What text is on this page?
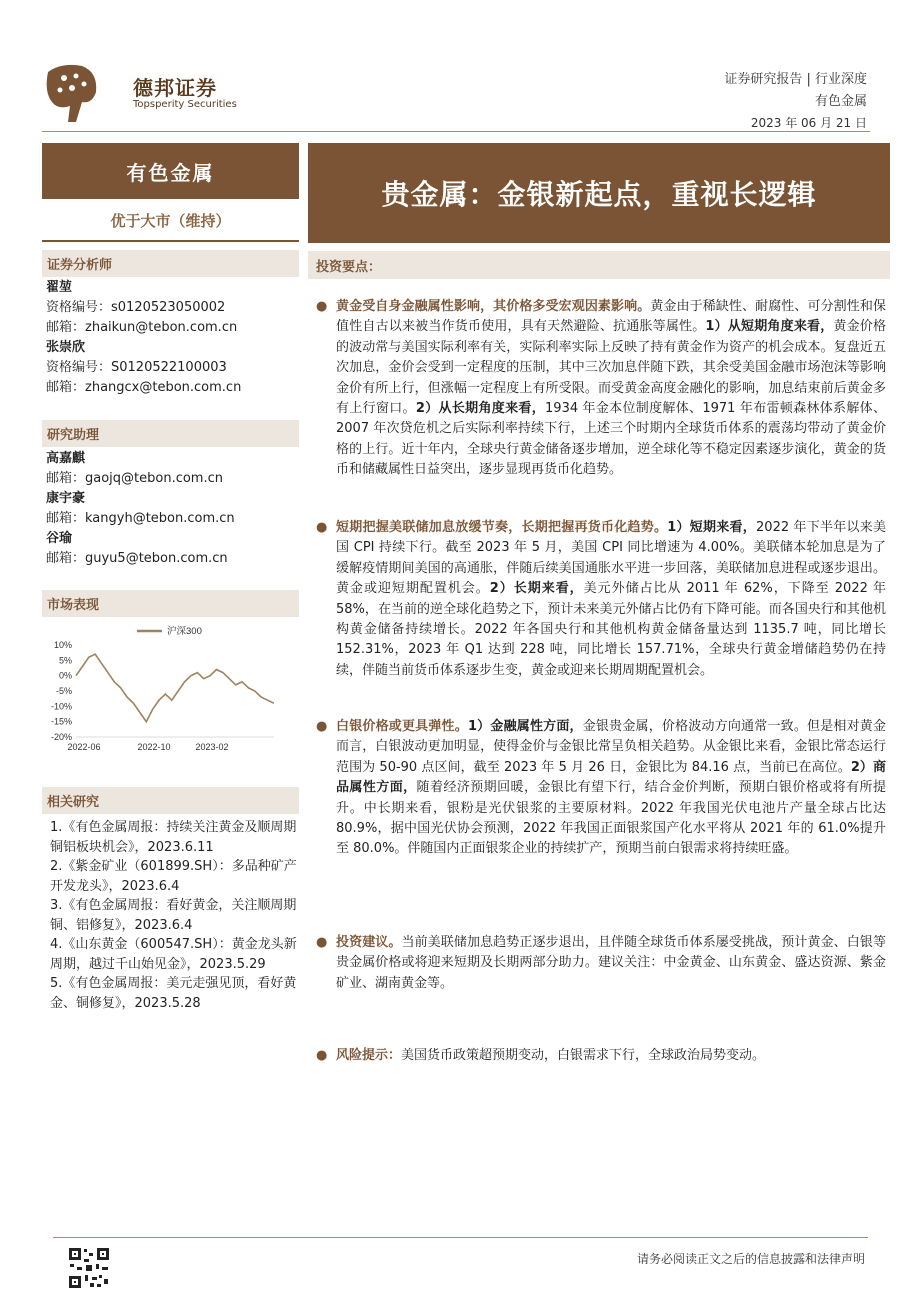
德邦证券
Topsperity Securities
证券研究报告 | 行业深度
有色金属
2023 年 06 月 21 日
有色金属
优于大市（维持）
贵金属：金银新起点，重视长逻辑
证券分析师
翟堃
资格编号：s0120523050002
邮箱：zhaikun@tebon.com.cn
张崇欣
资格编号：S0120522100003
邮箱：zhangcx@tebon.com.cn
研究助理
高嘉麒
邮箱：gaojq@tebon.com.cn
康宇豪
邮箱：kangyh@tebon.com.cn
谷瑜
邮箱：guyu5@tebon.com.cn
市场表现
10%
5%
0%
-5%
-10%
-15%
-20%
2022-06	2022-10	2023-02
沪深300
相关研究
1.《有色金属周报：持续关注黄金及顺周期铜铝板块机会》，2023.6.11
2.《紫金矿业（601899.SH）：多品种矿产开发龙头》，2023.6.4
3.《有色金属周报：看好黄金，关注顺周期铜、铝修复》，2023.6.4
4.《山东黄金（600547.SH）：黄金龙头新周期，越过千山始见金》，2023.5.29
5.《有色金属周报：美元走强见顶，看好黄金、铜修复》，2023.5.28
投资要点：
● 黄金受自身金融属性影响，其价格多受宏观因素影响。黄金由于稀缺性、耐腐性、可分割性和保值性自古以来被当作货币使用，具有天然避险、抗通胀等属性。1）从短期角度来看，黄金价格的波动常与美国实际利率有关，实际利率实际上反映了持有黄金作为资产的机会成本。复盘近五次加息，金价会受到一定程度的压制，其中三次加息伴随下跌，其余受美国金融市场泡沫等影响金价有所上行，但涨幅一定程度上有所受限。而受黄金高度金融化的影响，加息结束前后黄金多有上行窗口。2）从长期角度来看，1934 年金本位制度解体、1971 年布雷顿森林体系解体、2007 年次贷危机之后实际利率持续下行，上述三个时期内全球货币体系的震荡均带动了黄金价格的上行。近十年内，全球央行黄金储备逐步增加，逆全球化等不稳定因素逐步演化，黄金的货币和储藏属性日益突出，逐步显现再货币化趋势。
● 短期把握美联储加息放缓节奏，长期把握再货币化趋势。1）短期来看，2022 年下半年以来美国 CPI 持续下行。截至 2023 年 5 月，美国 CPI 同比增速为 4.00%。美联储本轮加息是为了缓解疫情期间美国的高通胀，伴随后续美国通胀水平进一步回落，美联储加息进程或逐步退出。黄金或迎短期配置机会。2）长期来看，美元外储占比从 2011 年 62%，下降至 2022 年 58%，在当前的逆全球化趋势之下，预计未来美元外储占比仍有下降可能。而各国央行和其他机构黄金储备持续增长。2022 年各国央行和其他机构黄金储备量达到 1135.7 吨，同比增长 152.31%，2023 年 Q1 达到 228 吨，同比增长 157.71%，全球央行黄金增储趋势仍在持续，伴随当前货币体系逐步生变，黄金或迎来长期周期配置机会。
● 白银价格或更具弹性。1）金融属性方面，金银贵金属，价格波动方向通常一致。但是相对黄金而言，白银波动更加明显，使得金价与金银比常呈负相关趋势。从金银比来看，金银比常态运行范围为 50-90 点区间，截至 2023 年 5 月 26 日，金银比为 84.16 点，当前已在高位。2）商品属性方面，随着经济预期回暖，金银比有望下行，结合金价判断，预期白银价格或将有所提升。中长期来看，银粉是光伏银浆的主要原材料。2022 年我国光伏电池片产量全球占比达 80.9%，据中国光伏协会预测，2022 年我国正面银浆国产化水平将从 2021 年的 61.0%提升至 80.0%。伴随国内正面银浆企业的持续扩产，预期当前白银需求将持续旺盛。
● 投资建议。当前美联储加息趋势正逐步退出，且伴随全球货币体系屡受挑战，预计黄金、白银等贵金属价格或将迎来短期及长期两部分助力。建议关注：中金黄金、山东黄金、盛达资源、紫金矿业、湖南黄金等。
● 风险提示：美国货币政策超预期变动，白银需求下行，全球政治局势变动。
请务必阅读正文之后的信息披露和法律声明
